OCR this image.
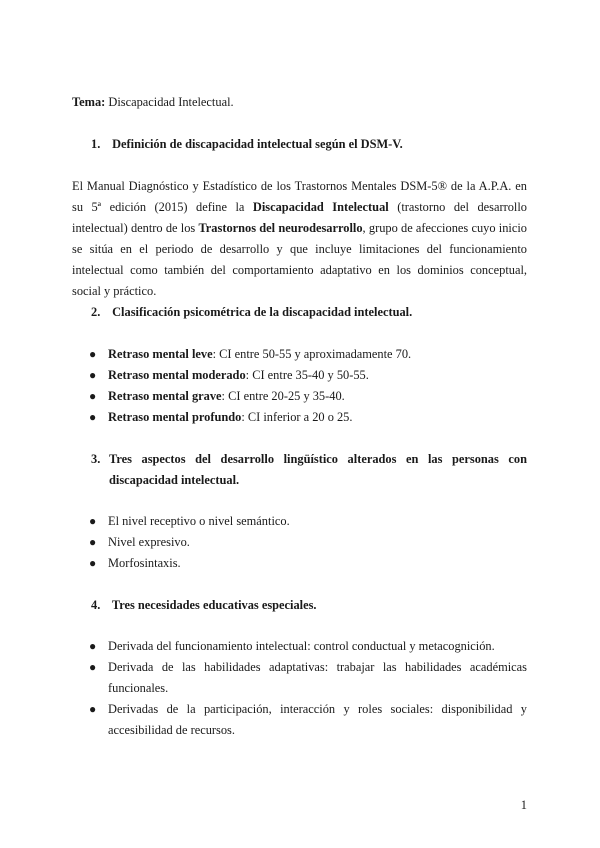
Tema: Discapacidad Intelectual.
1. Definición de discapacidad intelectual según el DSM-V.
El Manual Diagnóstico y Estadístico de los Trastornos Mentales DSM-5® de la A.P.A. en su 5ª edición (2015) define la Discapacidad Intelectual (trastorno del desarrollo intelectual) dentro de los Trastornos del neurodesarrollo, grupo de afecciones cuyo inicio se sitúa en el periodo de desarrollo y que incluye limitaciones del funcionamiento intelectual como también del comportamiento adaptativo en los dominios conceptual, social y práctico.
2. Clasificación psicométrica de la discapacidad intelectual.
● Retraso mental leve: CI entre 50-55 y aproximadamente 70.
● Retraso mental moderado: CI entre 35-40 y 50-55.
● Retraso mental grave: CI entre 20-25 y 35-40.
● Retraso mental profundo: CI inferior a 20 o 25.
3. Tres aspectos del desarrollo lingüístico alterados en las personas con
discapacidad intelectual.
● El nivel receptivo o nivel semántico.
● Nivel expresivo.
● Morfosintaxis.
4. Tres necesidades educativas especiales.
● Derivada del funcionamiento intelectual: control conductual y metacognición.
● Derivada de las habilidades adaptativas: trabajar las habilidades académicas funcionales.
● Derivadas de la participación, interacción y roles sociales: disponibilidad y accesibilidad de recursos.
1
